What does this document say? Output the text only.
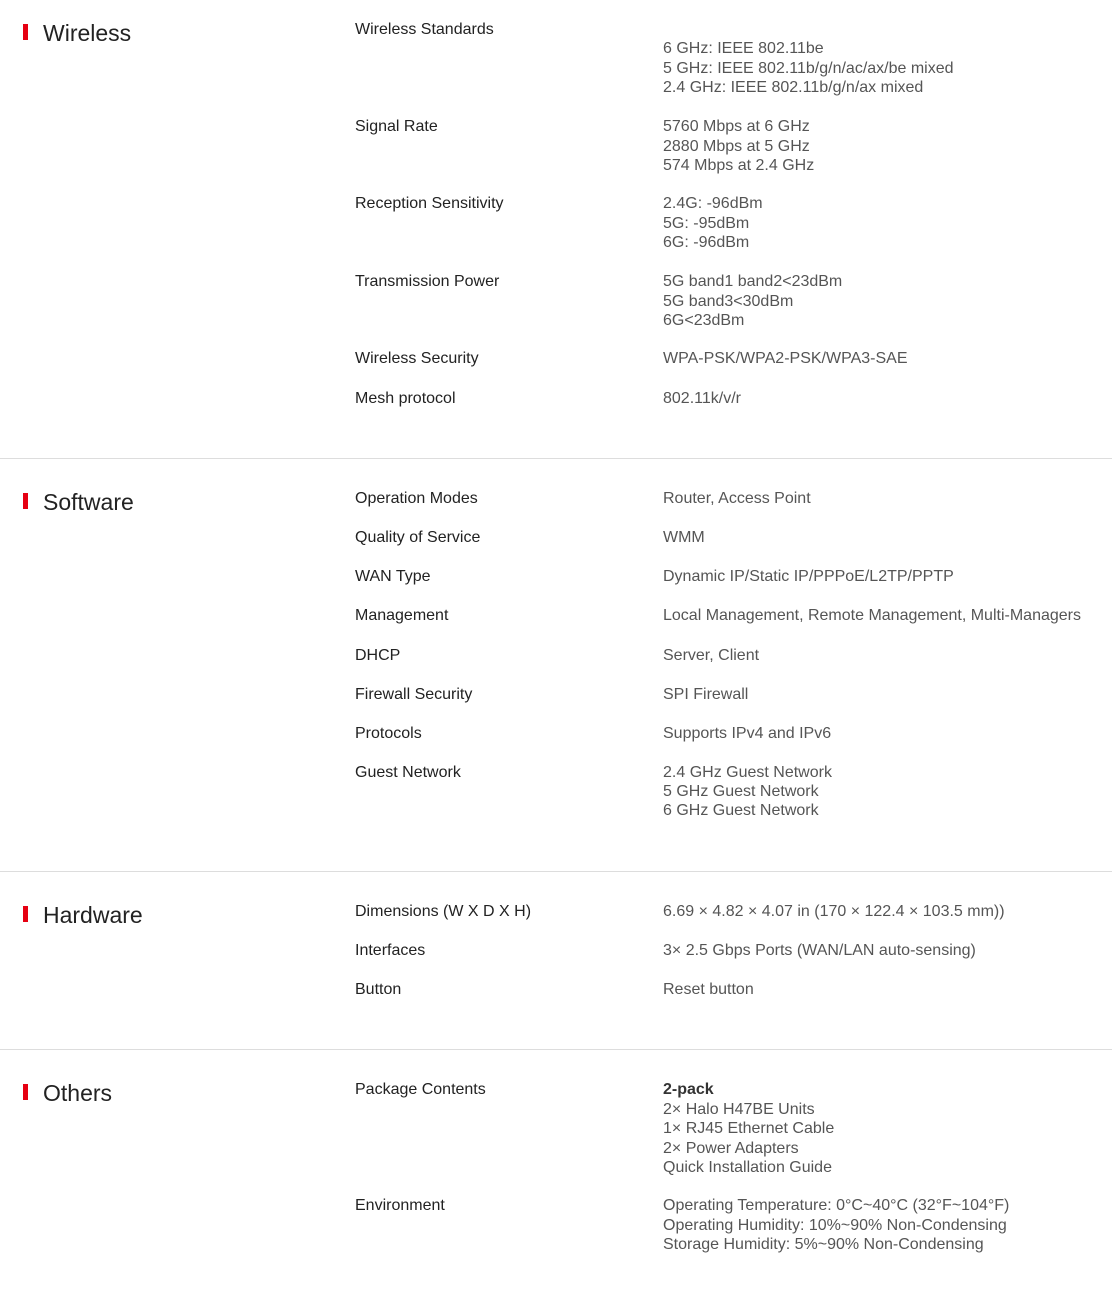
Wireless	Wireless Standards
6 GHz: IEEE 802.11be
5 GHz: IEEE 802.11b/g/n/ac/ax/be mixed
2.4 GHz: IEEE 802.11b/g/n/ax mixed
Signal Rate	5760 Mbps at 6 GHz
2880 Mbps at 5 GHz
574 Mbps at 2.4 GHz
Reception Sensitivity	2.4G: -96dBm
5G: -95dBm
6G: -96dBm
Transmission Power	5G band1 band2<23dBm
5G band3<30dBm
6G<23dBm
Wireless Security	WPA-PSK/WPA2-PSK/WPA3-SAE
Mesh protocol	802.11k/v/r
Software	Operation Modes	Router, Access Point
Quality of Service	WMM
WAN Type	Dynamic IP/Static IP/PPPoE/L2TP/PPTP
Management	Local Management, Remote Management, Multi-Managers
DHCP	Server, Client
Firewall Security	SPI Firewall
Protocols	Supports IPv4 and IPv6
Guest Network	2.4 GHz Guest Network
5 GHz Guest Network
6 GHz Guest Network
Hardware	Dimensions (W X D X H)	6.69 × 4.82 × 4.07 in (170 × 122.4 × 103.5 mm))
Interfaces	3× 2.5 Gbps Ports (WAN/LAN auto-sensing)
Button	Reset button
Others	Package Contents	2-pack
2× Halo H47BE Units
1× RJ45 Ethernet Cable
2× Power Adapters
Quick Installation Guide
Environment	Operating Temperature: 0°C~40°C (32°F~104°F)
Operating Humidity: 10%~90% Non-Condensing
Storage Humidity: 5%~90% Non-Condensing
